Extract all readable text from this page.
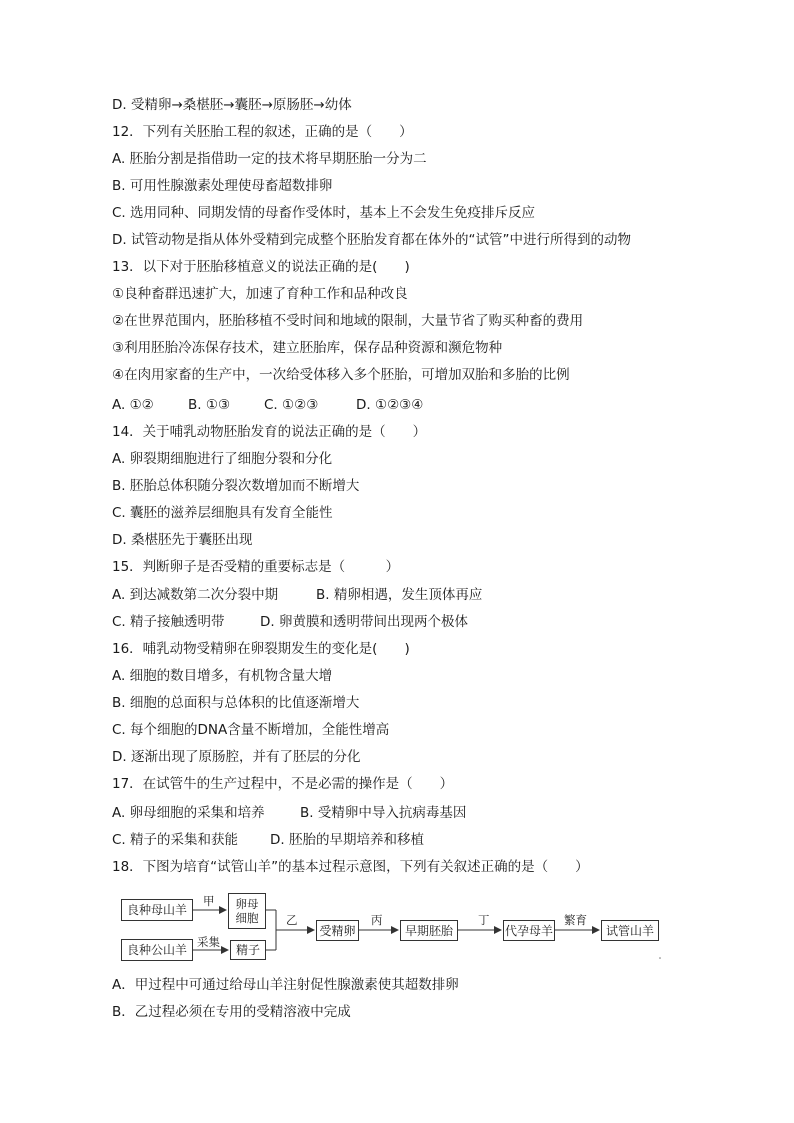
D. 受精卵→桑椹胚→囊胚→原肠胚→幼体
12．下列有关胚胎工程的叙述，正确的是（　　）
A. 胚胎分割是指借助一定的技术将早期胚胎一分为二
B. 可用性腺激素处理使母畜超数排卵
C. 选用同种、同期发情的母畜作受体时，基本上不会发生免疫排斥反应
D. 试管动物是指从体外受精到完成整个胚胎发育都在体外的“试管”中进行所得到的动物
13．以下对于胚胎移植意义的说法正确的是(　　)
①良种畜群迅速扩大，加速了育种工作和品种改良
②在世界范围内，胚胎移植不受时间和地域的限制，大量节省了购买种畜的费用
③利用胚胎冷冻保存技术，建立胚胎库，保存品种资源和濒危物种
④在肉用家畜的生产中，一次给受体移入多个胚胎，可增加双胎和多胎的比例
A. ①②	B. ①③	C. ①②③	D. ①②③④
14．关于哺乳动物胚胎发育的说法正确的是（　　）
A. 卵裂期细胞进行了细胞分裂和分化
B. 胚胎总体积随分裂次数增加而不断增大
C. 囊胚的滋养层细胞具有发育全能性
D. 桑椹胚先于囊胚出现
15．判断卵子是否受精的重要标志是（　　　）
A. 到达减数第二次分裂中期	B. 精卵相遇，发生顶体再应
C. 精子接触透明带	D. 卵黄膜和透明带间出现两个极体
16．哺乳动物受精卵在卵裂期发生的变化是(　　)
A. 细胞的数目增多，有机物含量大增
B. 细胞的总面积与总体积的比值逐渐增大
C. 每个细胞的DNA含量不断增加，全能性增高
D. 逐渐出现了原肠腔，并有了胚层的分化
17．在试管牛的生产过程中，不是必需的操作是（　　）
A. 卵母细胞的采集和培养	B. 受精卵中导入抗病毒基因
C. 精子的采集和获能 D. 胚胎的早期培养和移植
18．下图为培育“试管山羊”的基本过程示意图，下列有关叙述正确的是（　　）
良种母山羊
良种公山羊
卵母细胞
精子
受精卵	早期胚胎	代孕母羊	试管山羊
甲
采集
乙	丙	丁	繁育
A．甲过程中可通过给母山羊注射促性腺激素使其超数排卵
B．乙过程必须在专用的受精溶液中完成
